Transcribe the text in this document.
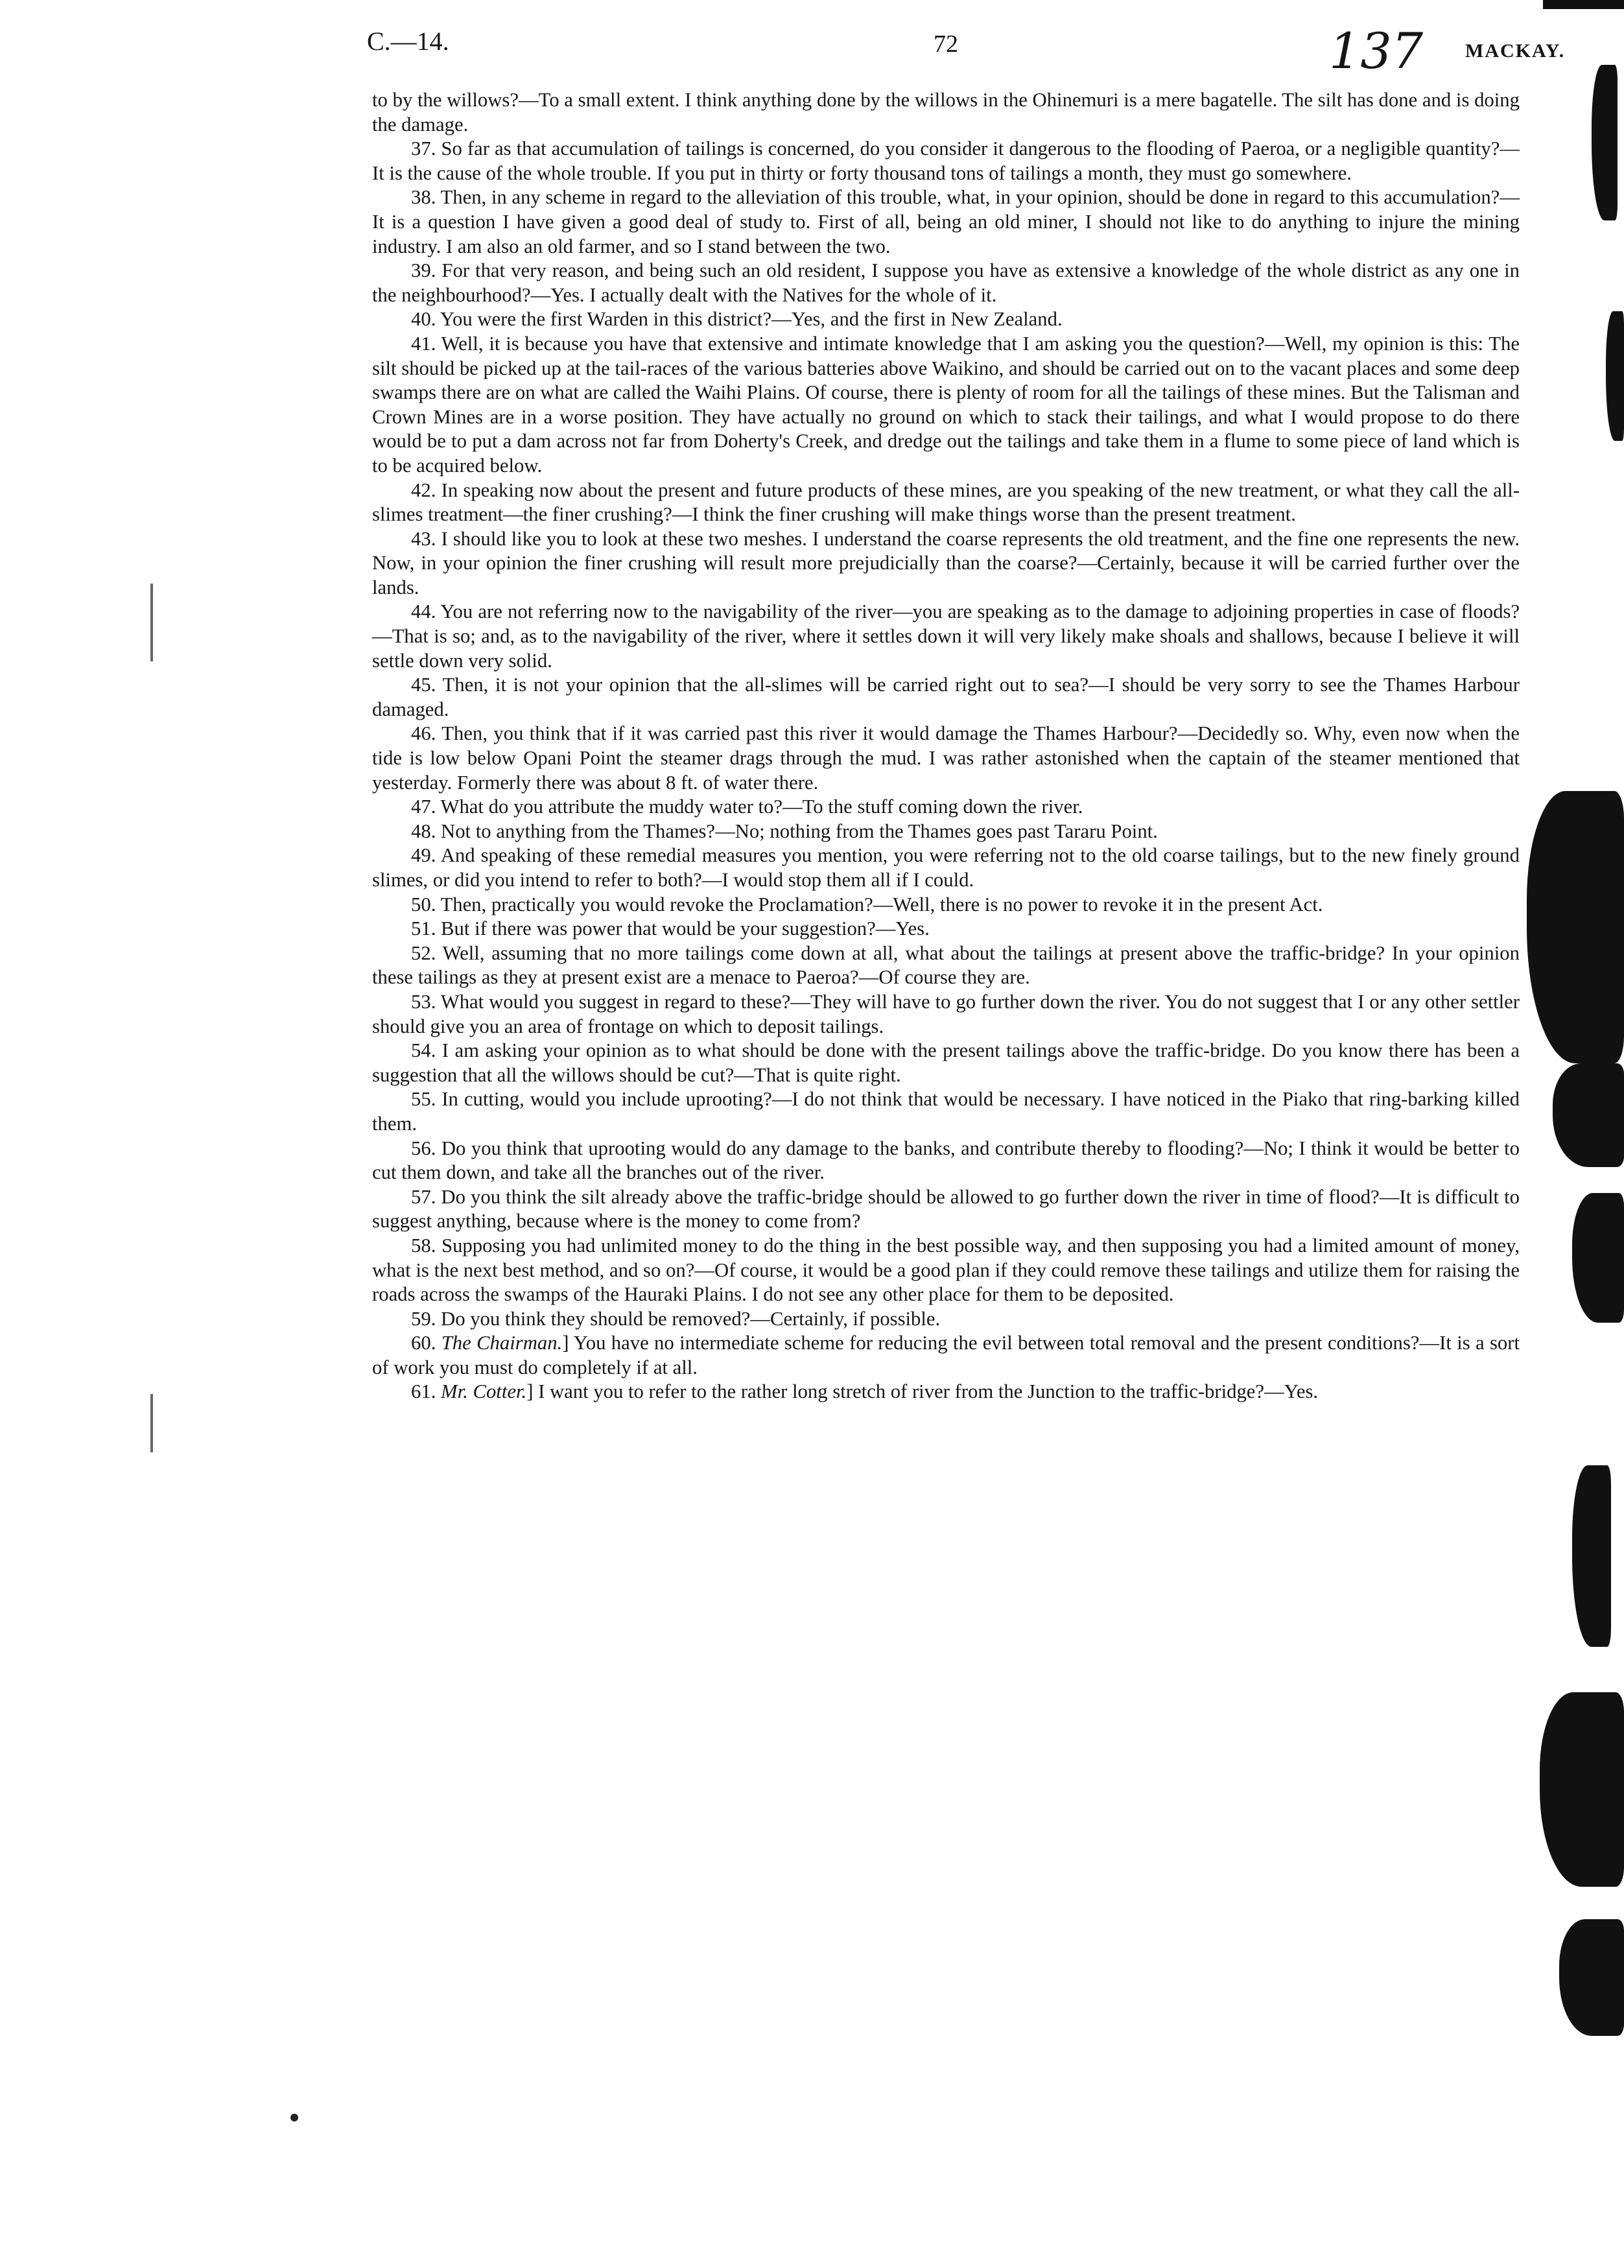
C.—14.	72	137 MACKAY.

to by the willows?—To a small extent. I think anything done by the willows in the Ohinemuri is a mere bagatelle. The silt has done and is doing the damage.

37. So far as that accumulation of tailings is concerned, do you consider it dangerous to the flooding of Paeroa, or a negligible quantity?—It is the cause of the whole trouble. If you put in thirty or forty thousand tons of tailings a month, they must go somewhere.

38. Then, in any scheme in regard to the alleviation of this trouble, what, in your opinion, should be done in regard to this accumulation?—It is a question I have given a good deal of study to. First of all, being an old miner, I should not like to do anything to injure the mining industry. I am also an old farmer, and so I stand between the two.

39. For that very reason, and being such an old resident, I suppose you have as extensive a knowledge of the whole district as any one in the neighbourhood?—Yes. I actually dealt with the Natives for the whole of it.

40. You were the first Warden in this district?—Yes, and the first in New Zealand.

41. Well, it is because you have that extensive and intimate knowledge that I am asking you the question?—Well, my opinion is this: The silt should be picked up at the tail-races of the various batteries above Waikino, and should be carried out on to the vacant places and some deep swamps there are on what are called the Waihi Plains. Of course, there is plenty of room for all the tailings of these mines. But the Talisman and Crown Mines are in a worse position. They have actually no ground on which to stack their tailings, and what I would propose to do there would be to put a dam across not far from Doherty's Creek, and dredge out the tailings and take them in a flume to some piece of land which is to be acquired below.

42. In speaking now about the present and future products of these mines, are you speaking of the new treatment, or what they call the all-slimes treatment—the finer crushing?—I think the finer crushing will make things worse than the present treatment.

43. I should like you to look at these two meshes. I understand the coarse represents the old treatment, and the fine one represents the new. Now, in your opinion the finer crushing will result more prejudicially than the coarse?—Certainly, because it will be carried further over the lands.

44. You are not referring now to the navigability of the river—you are speaking as to the damage to adjoining properties in case of floods?—That is so; and, as to the navigability of the river, where it settles down it will very likely make shoals and shallows, because I believe it will settle down very solid.

45. Then, it is not your opinion that the all-slimes will be carried right out to sea?—I should be very sorry to see the Thames Harbour damaged.

46. Then, you think that if it was carried past this river it would damage the Thames Harbour?—Decidedly so. Why, even now when the tide is low below Opani Point the steamer drags through the mud. I was rather astonished when the captain of the steamer mentioned that yesterday. Formerly there was about 8 ft. of water there.

47. What do you attribute the muddy water to?—To the stuff coming down the river.

48. Not to anything from the Thames?—No; nothing from the Thames goes past Tararu Point.

49. And speaking of these remedial measures you mention, you were referring not to the old coarse tailings, but to the new finely ground slimes, or did you intend to refer to both?—I would stop them all if I could.

50. Then, practically you would revoke the Proclamation?—Well, there is no power to revoke it in the present Act.

51. But if there was power that would be your suggestion?—Yes.

52. Well, assuming that no more tailings come down at all, what about the tailings at present above the traffic-bridge? In your opinion these tailings as they at present exist are a menace to Paeroa?—Of course they are.

53. What would you suggest in regard to these?—They will have to go further down the river. You do not suggest that I or any other settler should give you an area of frontage on which to deposit tailings.

54. I am asking your opinion as to what should be done with the present tailings above the traffic-bridge. Do you know there has been a suggestion that all the willows should be cut?—That is quite right.

55. In cutting, would you include uprooting?—I do not think that would be necessary. I have noticed in the Piako that ring-barking killed them.

56. Do you think that uprooting would do any damage to the banks, and contribute thereby to flooding?—No; I think it would be better to cut them down, and take all the branches out of the river.

57. Do you think the silt already above the traffic-bridge should be allowed to go further down the river in time of flood?—It is difficult to suggest anything, because where is the money to come from?

58. Supposing you had unlimited money to do the thing in the best possible way, and then supposing you had a limited amount of money, what is the next best method, and so on?—Of course, it would be a good plan if they could remove these tailings and utilize them for raising the roads across the swamps of the Hauraki Plains. I do not see any other place for them to be deposited.

59. Do you think they should be removed?—Certainly, if possible.

60. The Chairman.] You have no intermediate scheme for reducing the evil between total removal and the present conditions?—It is a sort of work you must do completely if at all.

61. Mr. Cotter.] I want you to refer to the rather long stretch of river from the Junction to the traffic-bridge?—Yes.
